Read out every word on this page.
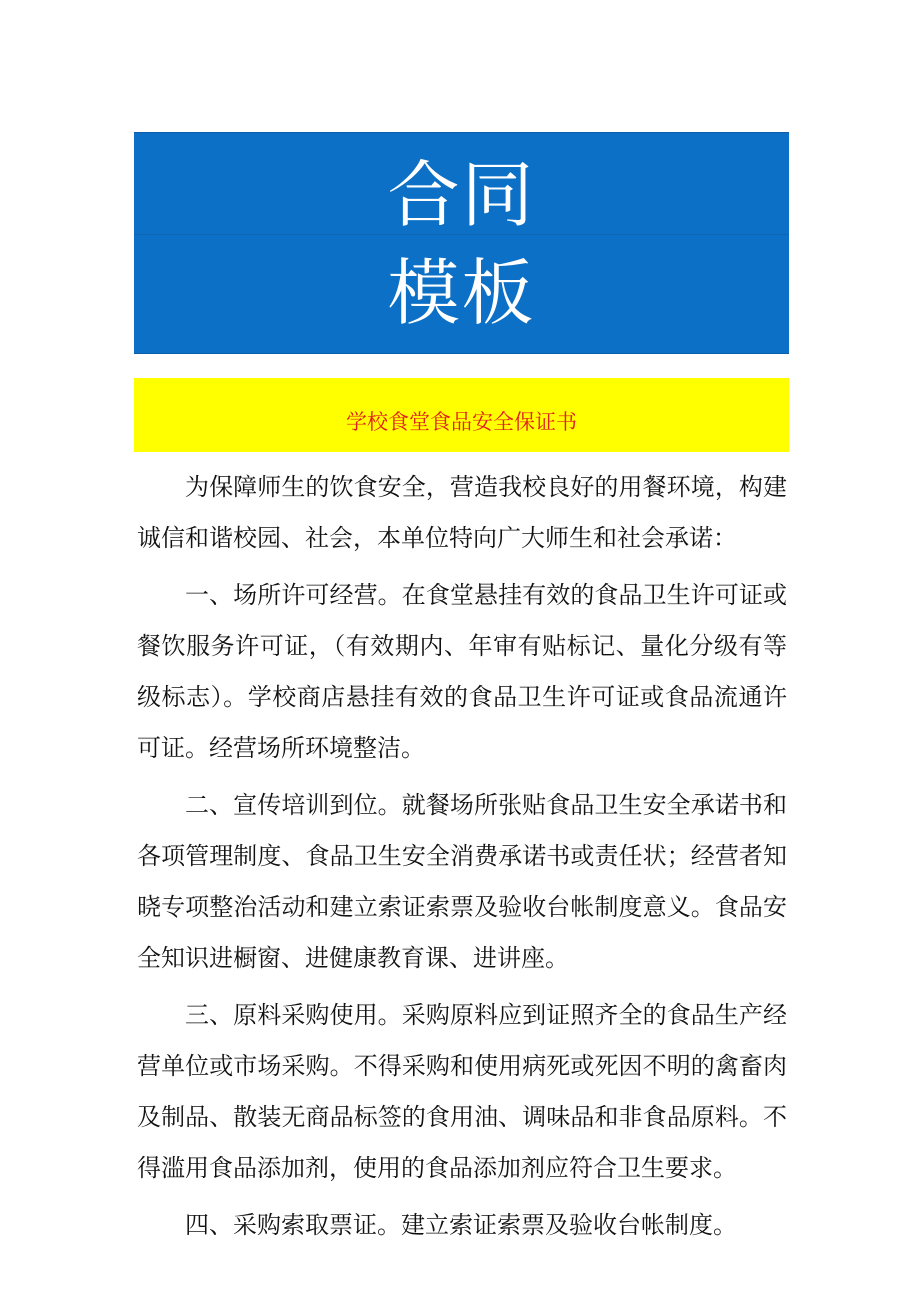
合同
模板
学校食堂食品安全保证书

为保障师生的饮食安全，营造我校良好的用餐环境，构建诚信和谐校园、社会，本单位特向广大师生和社会承诺：

一、场所许可经营。在食堂悬挂有效的食品卫生许可证或餐饮服务许可证，（有效期内、年审有贴标记、量化分级有等级标志）。学校商店悬挂有效的食品卫生许可证或食品流通许可证。经营场所环境整洁。

二、宣传培训到位。就餐场所张贴食品卫生安全承诺书和各项管理制度、食品卫生安全消费承诺书或责任状；经营者知晓专项整治活动和建立索证索票及验收台帐制度意义。食品安全知识进橱窗、进健康教育课、进讲座。

三、原料采购使用。采购原料应到证照齐全的食品生产经营单位或市场采购。不得采购和使用病死或死因不明的禽畜肉及制品、散装无商品标签的食用油、调味品和非食品原料。不得滥用食品添加剂，使用的食品添加剂应符合卫生要求。

四、采购索取票证。建立索证索票及验收台帐制度。
